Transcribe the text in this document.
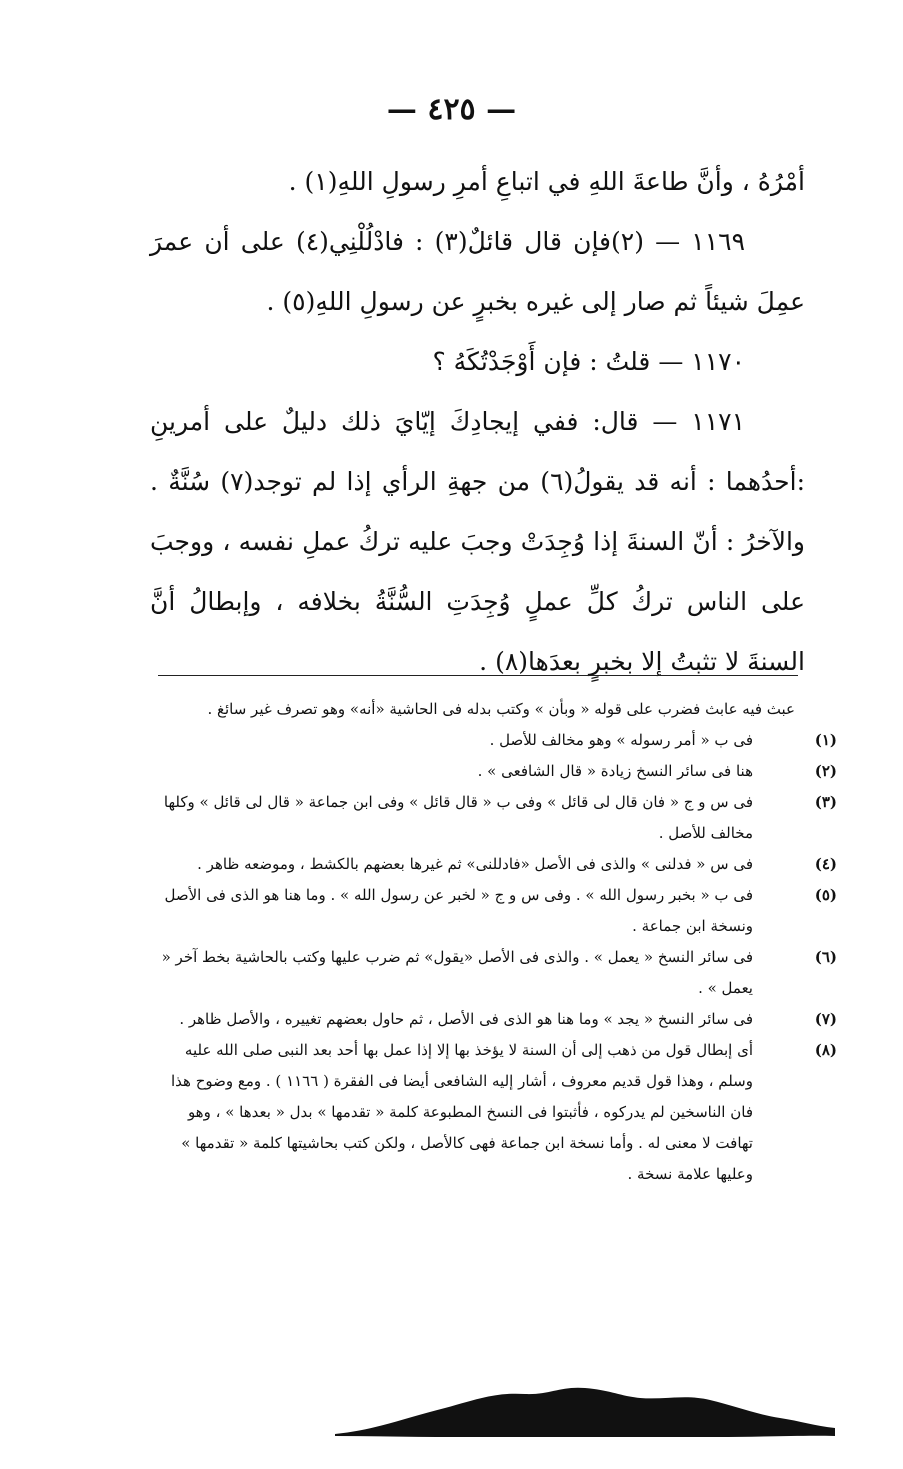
— ٤٢٥ —

أمْرُهُ ، وأنَّ طاعةَ اللهِ في اتباعِ أمرِ رسولِ اللهِ(١) .

١١٦٩ — (٢)فإن قال قائلٌ(٣) : فادْلُلْنِي(٤) على أن عمرَ عمِلَ شيئاً ثم صار إلى غيره بخبرٍ عن رسولِ اللهِ(٥) .

١١٧٠ — قلتُ : فإن أَوْجَدْتُكَهُ ؟

١١٧١ — قال: ففي إيجادِكَ إيّايَ ذلك دليلٌ على أمرينِ :أحدُهما : أنه قد يقولُ(٦) من جهةِ الرأي إذا لم توجد(٧) سُنَّةٌ . والآخرُ : أنّ السنةَ إذا وُجِدَتْ وجبَ عليه تركُ عملِ نفسه ، ووجبَ على الناس تركُ كلِّ عملٍ وُجِدَتِ السُّنَّةُ بخلافه ، وإبطالُ أنَّ السنةَ لا تثبتُ إلا بخبرٍ بعدَها(٨) .

عبث فيه عابث فضرب على قوله « وبأن » وكتب بدله فى الحاشية «أنه» وهو تصرف غير سائغ .

(١)فى ب « أمر رسوله » وهو مخالف للأصل .

(٢)هنا فى سائر النسخ زيادة « قال الشافعى » .

(٣)فى س و ج « فان قال لى قائل » وفى ب « قال قائل » وفى ابن جماعة « قال لى قائل » وكلها مخالف للأصل .

(٤)فى س « فدلنى » والذى فى الأصل «فادللنى» ثم غيرها بعضهم بالكشط ، وموضعه ظاهر .

(٥)فى ب « بخبر رسول الله » . وفى س و ج « لخبر عن رسول الله » . وما هنا هو الذى فى الأصل ونسخة ابن جماعة .

(٦)فى سائر النسخ « يعمل » . والذى فى الأصل «يقول» ثم ضرب عليها وكتب بالحاشية بخط آخر « يعمل » .

(٧)فى سائر النسخ « يجد » وما هنا هو الذى فى الأصل ، ثم حاول بعضهم تغييره ، والأصل ظاهر .

(٨)أى إبطال قول من ذهب إلى أن السنة لا يؤخذ بها إلا إذا عمل بها أحد بعد النبى صلى الله عليه وسلم ، وهذا قول قديم معروف ، أشار إليه الشافعى أيضا فى الفقرة ( ١١٦٦ ) . ومع وضوح هذا فان الناسخين لم يدركوه ، فأثبتوا فى النسخ المطبوعة كلمة « تقدمها » بدل « بعدها » ، وهو تهافت لا معنى له . وأما نسخة ابن جماعة فهى كالأصل ، ولكن كتب بحاشيتها كلمة « تقدمها » وعليها علامة نسخة .
